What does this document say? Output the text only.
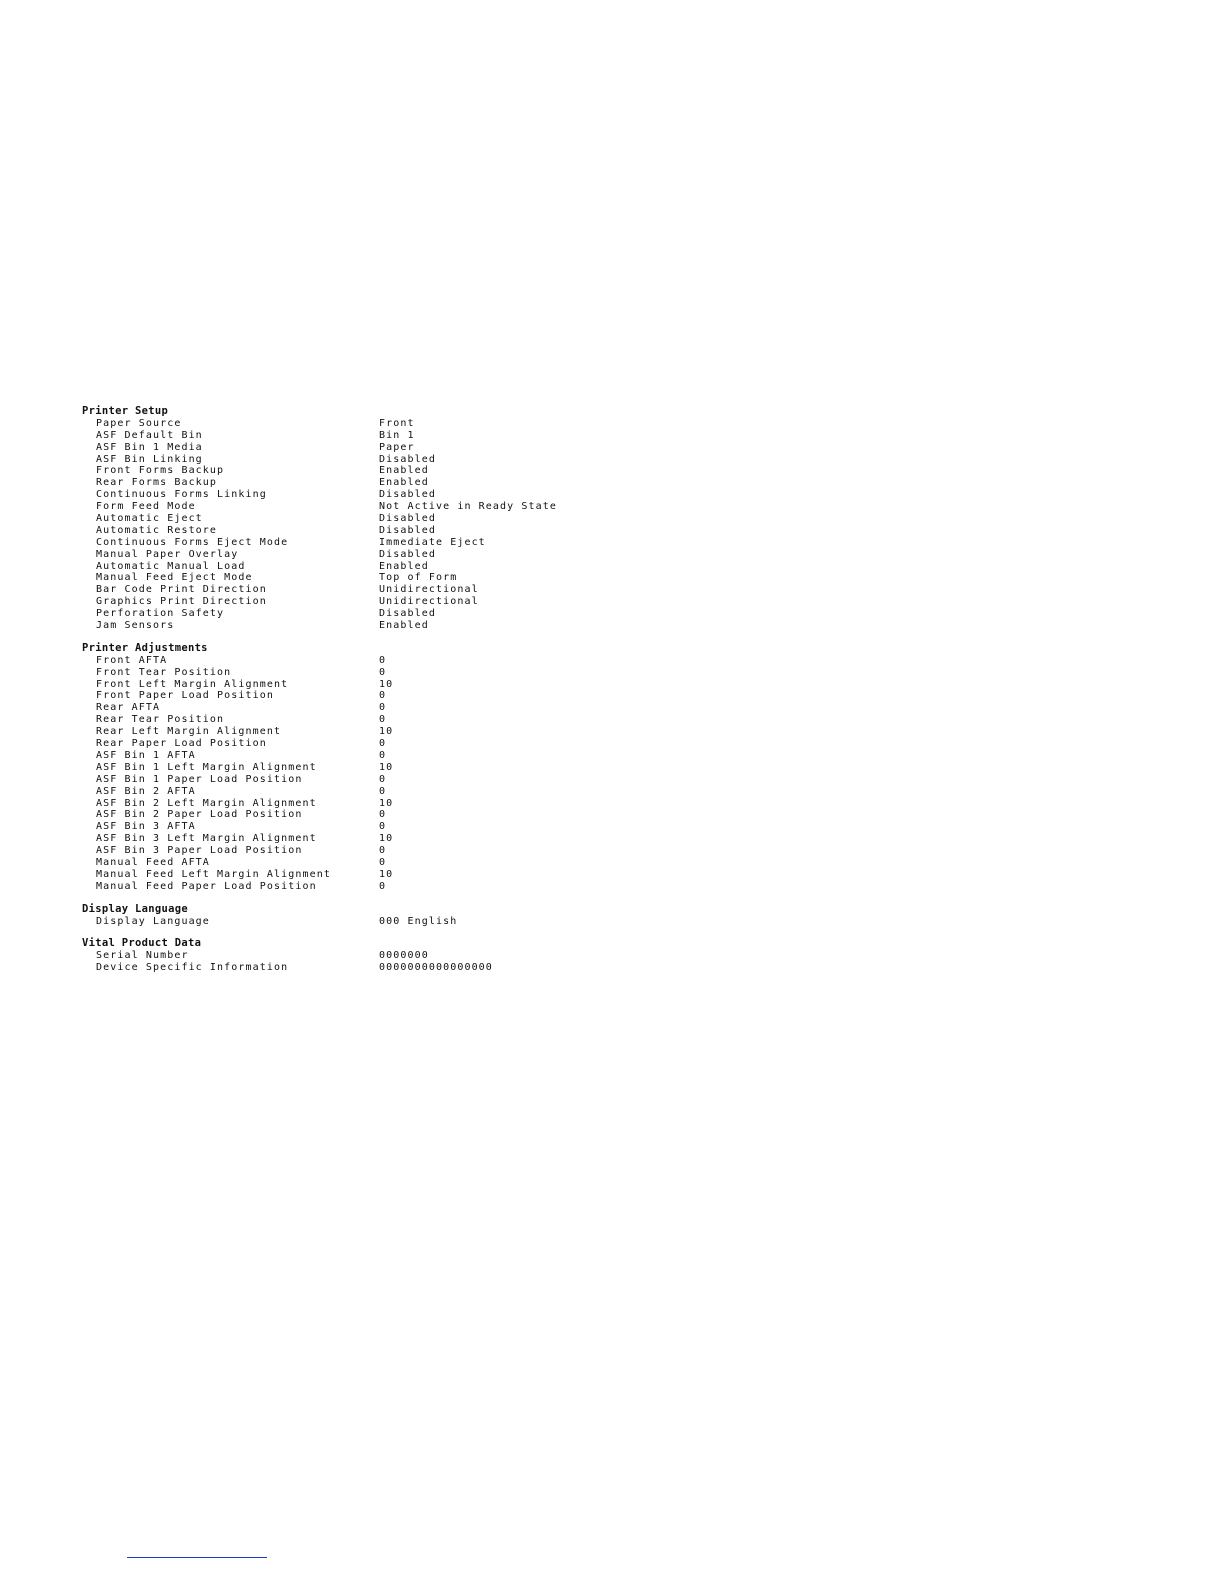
Printer Setup
Paper Source	Front
ASF Default Bin	Bin 1
ASF Bin 1 Media	Paper
ASF Bin Linking	Disabled
Front Forms Backup	Enabled
Rear Forms Backup	Enabled
Continuous Forms Linking	Disabled
Form Feed Mode	Not Active in Ready State
Automatic Eject	Disabled
Automatic Restore	Disabled
Continuous Forms Eject Mode	Immediate Eject
Manual Paper Overlay	Disabled
Automatic Manual Load	Enabled
Manual Feed Eject Mode	Top of Form
Bar Code Print Direction	Unidirectional
Graphics Print Direction	Unidirectional
Perforation Safety	Disabled
Jam Sensors	Enabled
Printer Adjustments
Front AFTA	0
Front Tear Position	0
Front Left Margin Alignment	10
Front Paper Load Position	0
Rear AFTA	0
Rear Tear Position	0
Rear Left Margin Alignment	10
Rear Paper Load Position	0
ASF Bin 1 AFTA	0
ASF Bin 1 Left Margin Alignment	10
ASF Bin 1 Paper Load Position	0
ASF Bin 2 AFTA	0
ASF Bin 2 Left Margin Alignment	10
ASF Bin 2 Paper Load Position	0
ASF Bin 3 AFTA	0
ASF Bin 3 Left Margin Alignment	10
ASF Bin 3 Paper Load Position	0
Manual Feed AFTA	0
Manual Feed Left Margin Alignment	10
Manual Feed Paper Load Position	0
Display Language
Display Language	000 English
Vital Product Data
Serial Number	0000000
Device Specific Information	0000000000000000
